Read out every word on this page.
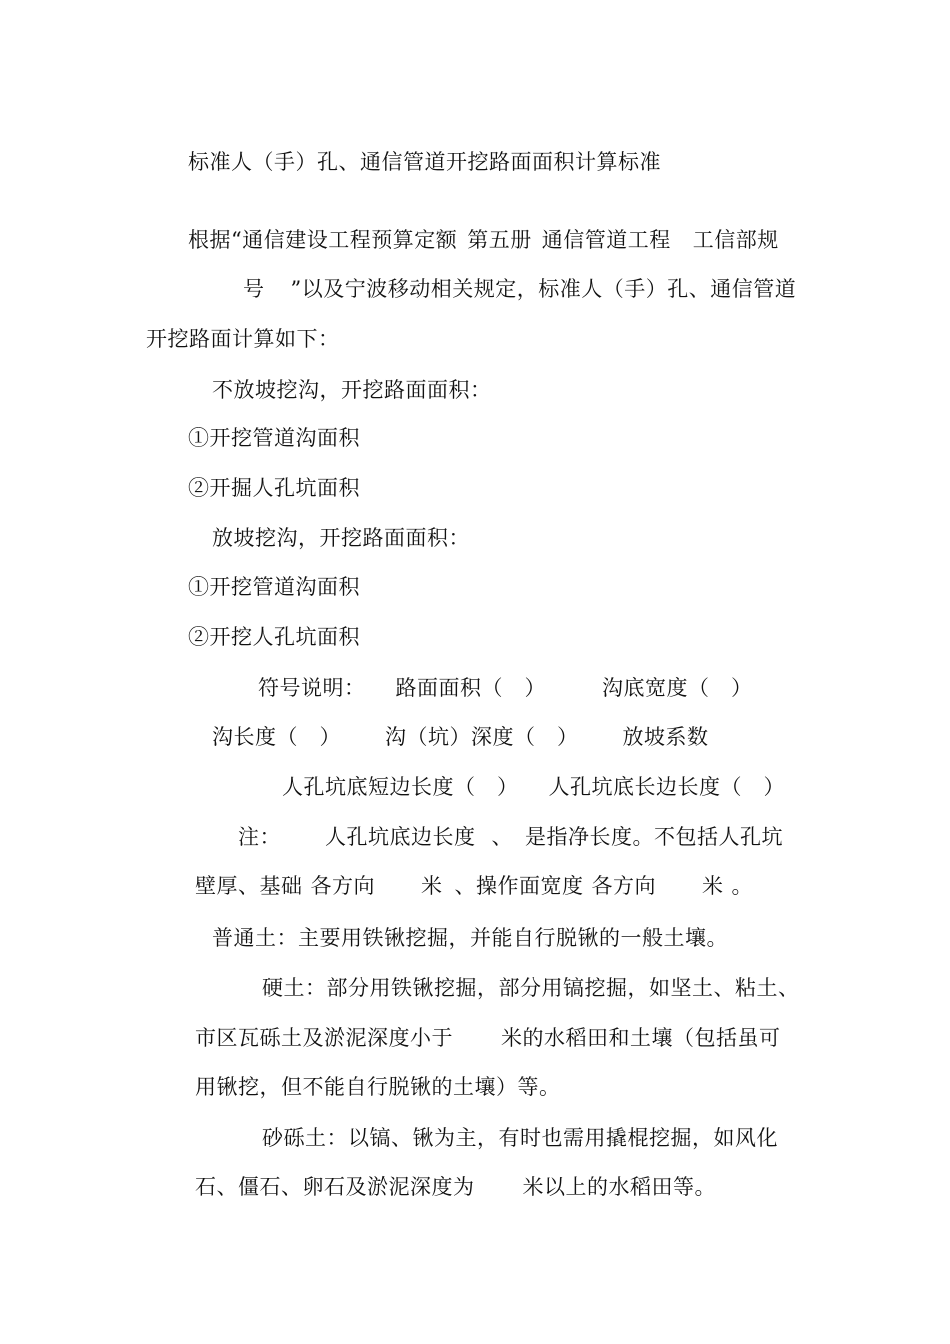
标准人（手）孔、通信管道开挖路面面积计算标准
根据“通信建设工程预算定额 第五册 通信管道工程 工信部规
号 ”以及宁波移动相关规定，标准人（手）孔、通信管道
开挖路面计算如下：
不放坡挖沟，开挖路面面积：
①开挖管道沟面积
②开掘人孔坑面积
放坡挖沟，开挖路面面积：
①开挖管道沟面积
②开挖人孔坑面积
符号说明： 路面面积（　）	沟底宽度（　）
沟长度（　） 沟（坑）深度（　） 放坡系数
人孔坑底短边长度（　） 人孔坑底长边长度（　）
注： 人孔坑底边长度 、 是指净长度。不包括人孔坑
壁厚、基础 各方向 米 、操作面宽度 各方向 米 。
普通土：主要用铁锹挖掘，并能自行脱锹的一般土壤。
硬土：部分用铁锹挖掘，部分用镐挖掘，如坚土、粘土、
市区瓦砾土及淤泥深度小于 米的水稻田和土壤（包括虽可
用锹挖，但不能自行脱锹的土壤）等。
砂砾土：以镐、锹为主，有时也需用撬棍挖掘，如风化
石、僵石、卵石及淤泥深度为 米以上的水稻田等。
